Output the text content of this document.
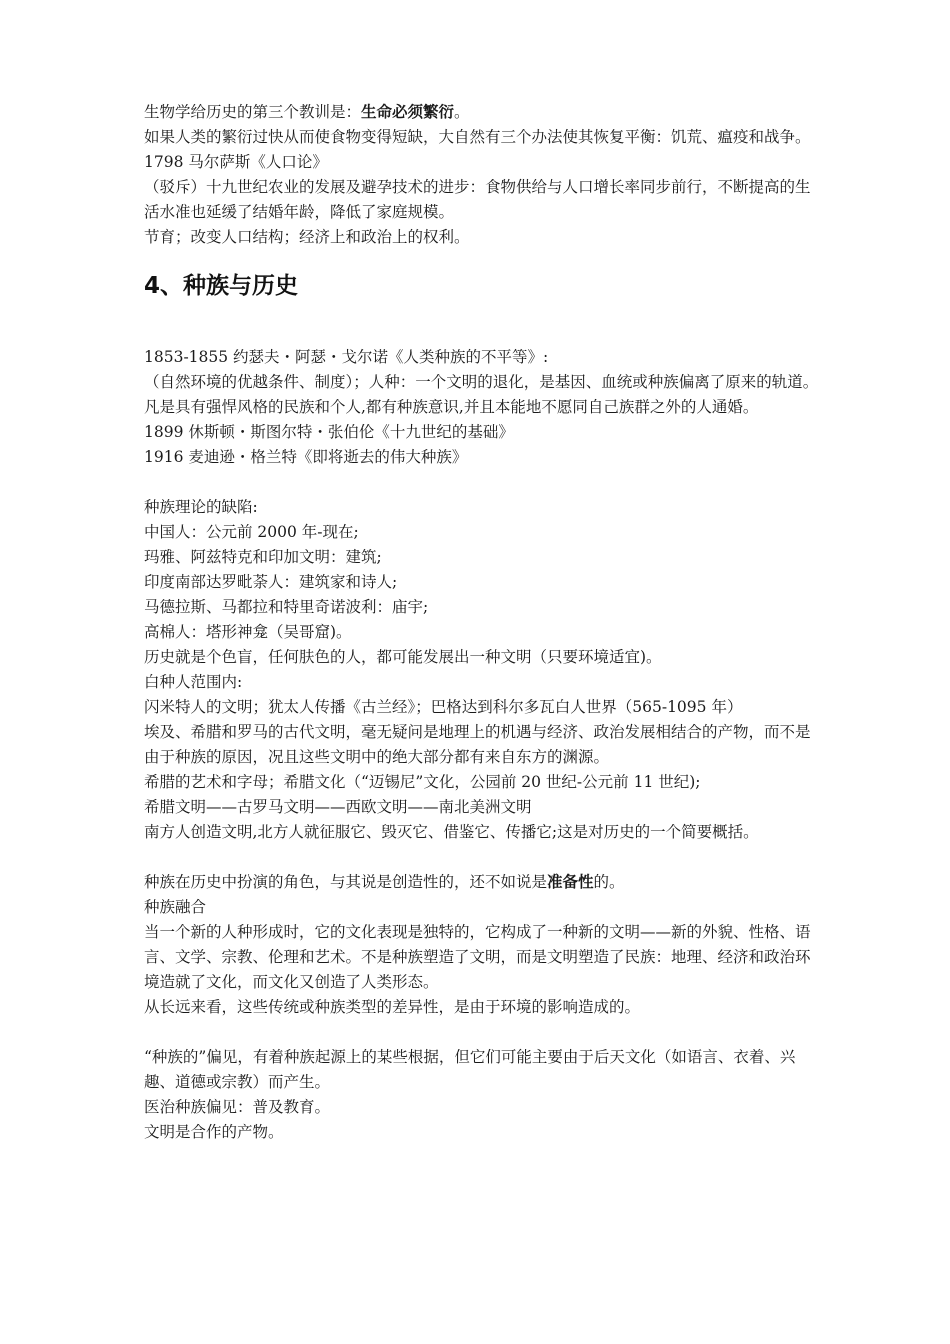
生物学给历史的第三个教训是：生命必须繁衍。

如果人类的繁衍过快从而使食物变得短缺，大自然有三个办法使其恢复平衡：饥荒、瘟疫和战争。1798 马尔萨斯《人口论》

（驳斥）十九世纪农业的发展及避孕技术的进步：食物供给与人口增长率同步前行，不断提高的生活水准也延缓了结婚年龄，降低了家庭规模。

节育；改变人口结构；经济上和政治上的权利。

4、种族与历史

1853-1855 约瑟夫・阿瑟・戈尔诺《人类种族的不平等》:

（自然环境的优越条件、制度）；人种：一个文明的退化，是基因、血统或种族偏离了原来的轨道。

凡是具有强悍风格的民族和个人,都有种族意识,并且本能地不愿同自己族群之外的人通婚。

1899 休斯顿・斯图尔特・张伯伦《十九世纪的基础》

1916 麦迪逊・格兰特《即将逝去的伟大种族》

种族理论的缺陷:

中国人：公元前 2000 年-现在;

玛雅、阿兹特克和印加文明：建筑;

印度南部达罗毗荼人：建筑家和诗人;

马德拉斯、马都拉和特里奇诺波利：庙宇;

高棉人：塔形神龛（吴哥窟)。

历史就是个色盲，任何肤色的人，都可能发展出一种文明（只要环境适宜)。

白种人范围内:

闪米特人的文明；犹太人传播《古兰经》；巴格达到科尔多瓦白人世界（565-1095 年）

埃及、希腊和罗马的古代文明，毫无疑问是地理上的机遇与经济、政治发展相结合的产物，而不是由于种族的原因，况且这些文明中的绝大部分都有来自东方的渊源。

希腊的艺术和字母；希腊文化（“迈锡尼”文化，公园前 20 世纪-公元前 11 世纪);

希腊文明——古罗马文明——西欧文明——南北美洲文明

南方人创造文明,北方人就征服它、毁灭它、借鉴它、传播它;这是对历史的一个简要概括。

种族在历史中扮演的角色，与其说是创造性的，还不如说是准备性的。

种族融合

当一个新的人种形成时，它的文化表现是独特的，它构成了一种新的文明——新的外貌、性格、语言、文学、宗教、伦理和艺术。不是种族塑造了文明，而是文明塑造了民族：地理、经济和政治环境造就了文化，而文化又创造了人类形态。

从长远来看，这些传统或种族类型的差异性，是由于环境的影响造成的。

“种族的”偏见，有着种族起源上的某些根据，但它们可能主要由于后天文化（如语言、衣着、兴趣、道德或宗教）而产生。

医治种族偏见：普及教育。

文明是合作的产物。
